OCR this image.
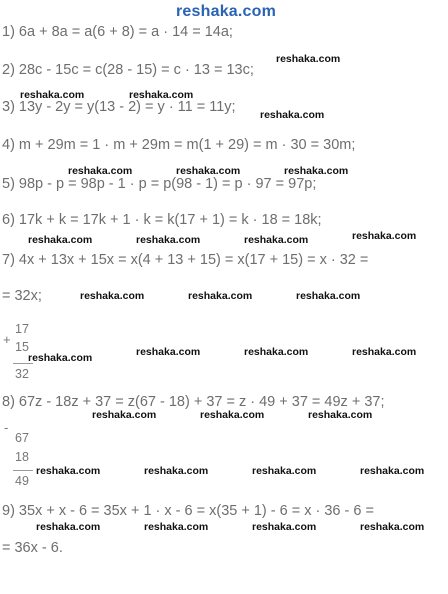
reshaka.com
1) 6a + 8a = a(6 + 8) = a · 14 = 14a;
reshaka.com
2) 28c - 15c = c(28 - 15) = c · 13 = 13c;
reshaka.com	reshaka.com
3) 13y - 2y = y(13 - 2) = y · 11 = 11y; reshaka.com
4) m + 29m = 1 · m + 29m = m(1 + 29) = m · 30 = 30m;
reshaka.com	reshaka.com	reshaka.com
5) 98p - p = 98p - 1 · p = p(98 - 1) = p · 97 = 97p;
6) 17k + k = 17k + 1 · k = k(17 + 1) = k · 18 = 18k;
reshaka.com	reshaka.com	reshaka.com	reshaka.com
7) 4x + 13x + 15x = x(4 + 13 + 15) = x(17 + 15) = x · 32 =
= 32x;	reshaka.com	reshaka.com	reshaka.com
+
17
15
32
reshaka.com	reshaka.com	reshaka.com	reshaka.com
8) 67z - 18z + 37 = z(67 - 18) + 37 = z · 49 + 37 = 49z + 37;
reshaka.com	reshaka.com	reshaka.com
-
67
18
49
reshaka.com	reshaka.com	reshaka.com	reshaka.com
9) 35x + x - 6 = 35x + 1 · x - 6 = x(35 + 1) - 6 = x · 36 - 6 =
reshaka.com	reshaka.com	reshaka.com	reshaka.com
= 36x - 6.
